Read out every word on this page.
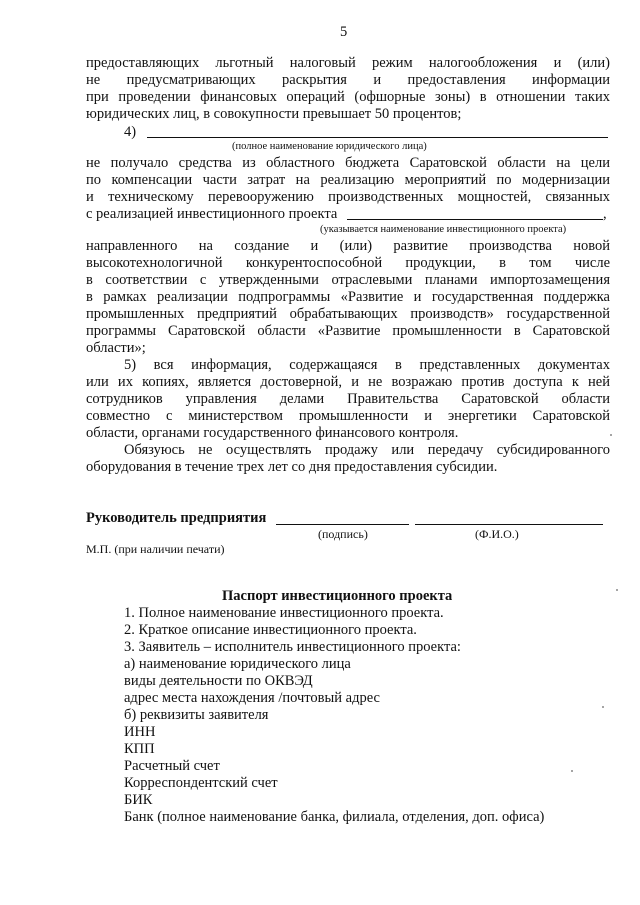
5
предоставляющих льготный налоговый режим налогообложения и (или)
не предусматривающих раскрытия и предоставления информации
при проведении финансовых операций (офшорные зоны) в отношении таких
юридических лиц, в совокупности превышает 50 процентов;
4)
(полное наименование юридического лица)
не получало средства из областного бюджета Саратовской области на цели
по компенсации части затрат на реализацию мероприятий по модернизации
и техническому перевооружению производственных мощностей, связанных
с реализацией инвестиционного проекта	,
(указывается наименование инвестиционного проекта)
направленного на создание и (или) развитие производства новой
высокотехнологичной конкурентоспособной продукции, в том числе
в соответствии с утвержденными отраслевыми планами импортозамещения
в рамках реализации подпрограммы «Развитие и государственная поддержка
промышленных предприятий обрабатывающих производств» государственной
программы Саратовской области «Развитие промышленности в Саратовской
области»;
5) вся информация, содержащаяся в представленных документах
или их копиях, является достоверной, и не возражаю против доступа к ней
сотрудников управления делами Правительства Саратовской области
совместно с министерством промышленности и энергетики Саратовской
области, органами государственного финансового контроля.
Обязуюсь не осуществлять продажу или передачу субсидированного
оборудования в течение трех лет со дня предоставления субсидии.
Руководитель предприятия
(подпись)	(Ф.И.О.)
М.П. (при наличии печати)
Паспорт инвестиционного проекта
1. Полное наименование инвестиционного проекта.
2. Краткое описание инвестиционного проекта.
3. Заявитель – исполнитель инвестиционного проекта:
а) наименование юридического лица
виды деятельности по ОКВЭД
адрес места нахождения /почтовый адрес
б) реквизиты заявителя
ИНН
КПП
Расчетный счет
Корреспондентский счет
БИК
Банк (полное наименование банка, филиала, отделения, доп. офиса)
